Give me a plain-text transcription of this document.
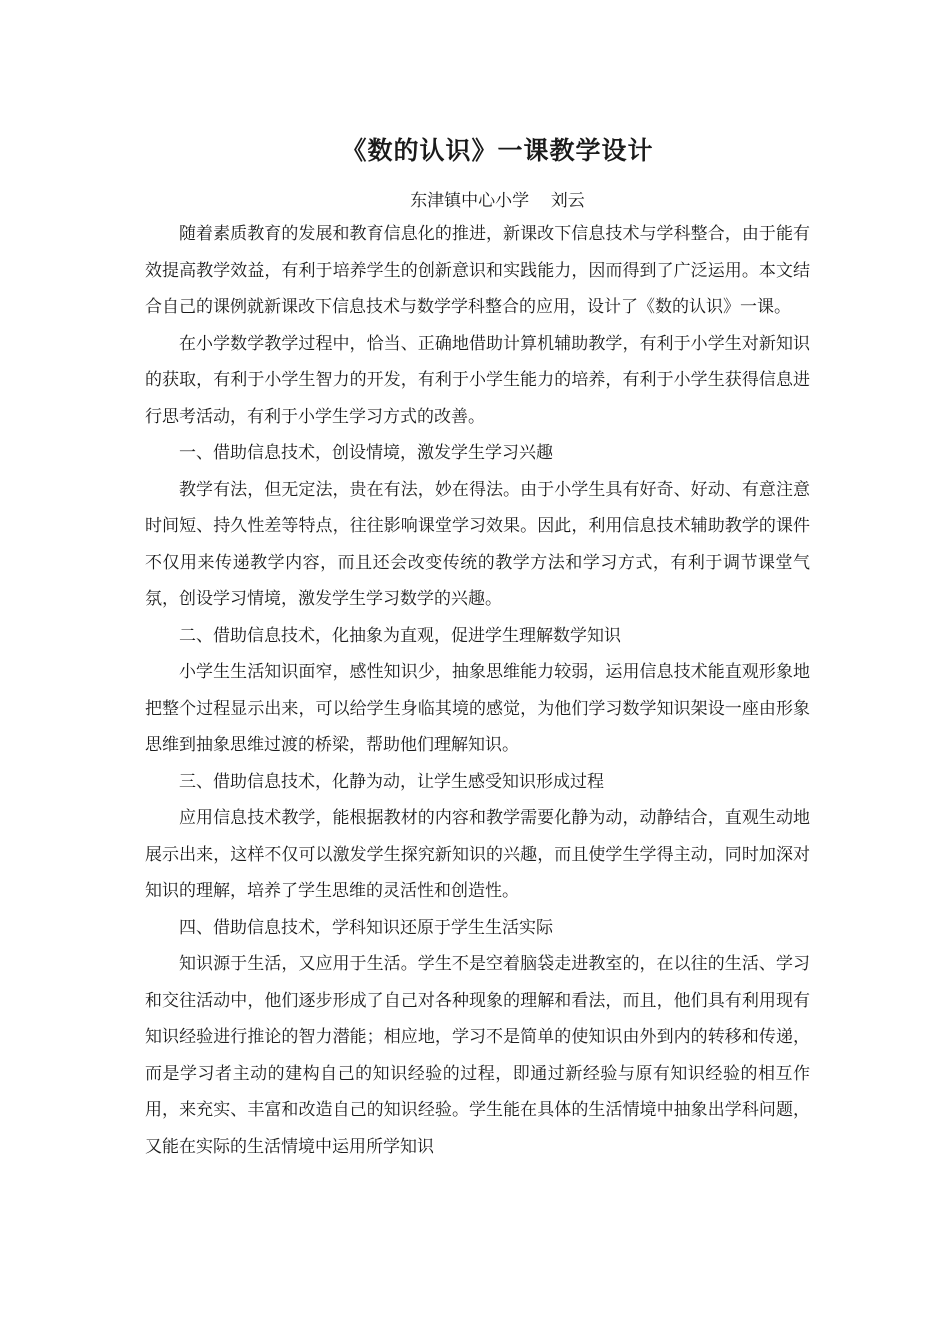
《数的认识》一课教学设计
东津镇中心小学    刘云

随着素质教育的发展和教育信息化的推进，新课改下信息技术与学科整合，由于能有效提高教学效益，有利于培养学生的创新意识和实践能力，因而得到了广泛运用。本文结合自己的课例就新课改下信息技术与数学学科整合的应用，设计了《数的认识》一课。

在小学数学教学过程中，恰当、正确地借助计算机辅助教学，有利于小学生对新知识的获取，有利于小学生智力的开发，有利于小学生能力的培养，有利于小学生获得信息进行思考活动，有利于小学生学习方式的改善。

一、借助信息技术，创设情境，激发学生学习兴趣

教学有法，但无定法，贵在有法，妙在得法。由于小学生具有好奇、好动、有意注意时间短、持久性差等特点，往往影响课堂学习效果。因此，利用信息技术辅助教学的课件不仅用来传递教学内容，而且还会改变传统的教学方法和学习方式，有利于调节课堂气氛，创设学习情境，激发学生学习数学的兴趣。

二、借助信息技术，化抽象为直观，促进学生理解数学知识

小学生生活知识面窄，感性知识少，抽象思维能力较弱，运用信息技术能直观形象地把整个过程显示出来，可以给学生身临其境的感觉，为他们学习数学知识架设一座由形象思维到抽象思维过渡的桥梁，帮助他们理解知识。

三、借助信息技术，化静为动，让学生感受知识形成过程

应用信息技术教学，能根据教材的内容和教学需要化静为动，动静结合，直观生动地展示出来，这样不仅可以激发学生探究新知识的兴趣，而且使学生学得主动，同时加深对知识的理解，培养了学生思维的灵活性和创造性。

四、借助信息技术，学科知识还原于学生生活实际

知识源于生活，又应用于生活。学生不是空着脑袋走进教室的，在以往的生活、学习和交往活动中，他们逐步形成了自己对各种现象的理解和看法，而且，他们具有利用现有知识经验进行推论的智力潜能；相应地，学习不是简单的使知识由外到内的转移和传递，而是学习者主动的建构自己的知识经验的过程，即通过新经验与原有知识经验的相互作用，来充实、丰富和改造自己的知识经验。学生能在具体的生活情境中抽象出学科问题，又能在实际的生活情境中运用所学知识
